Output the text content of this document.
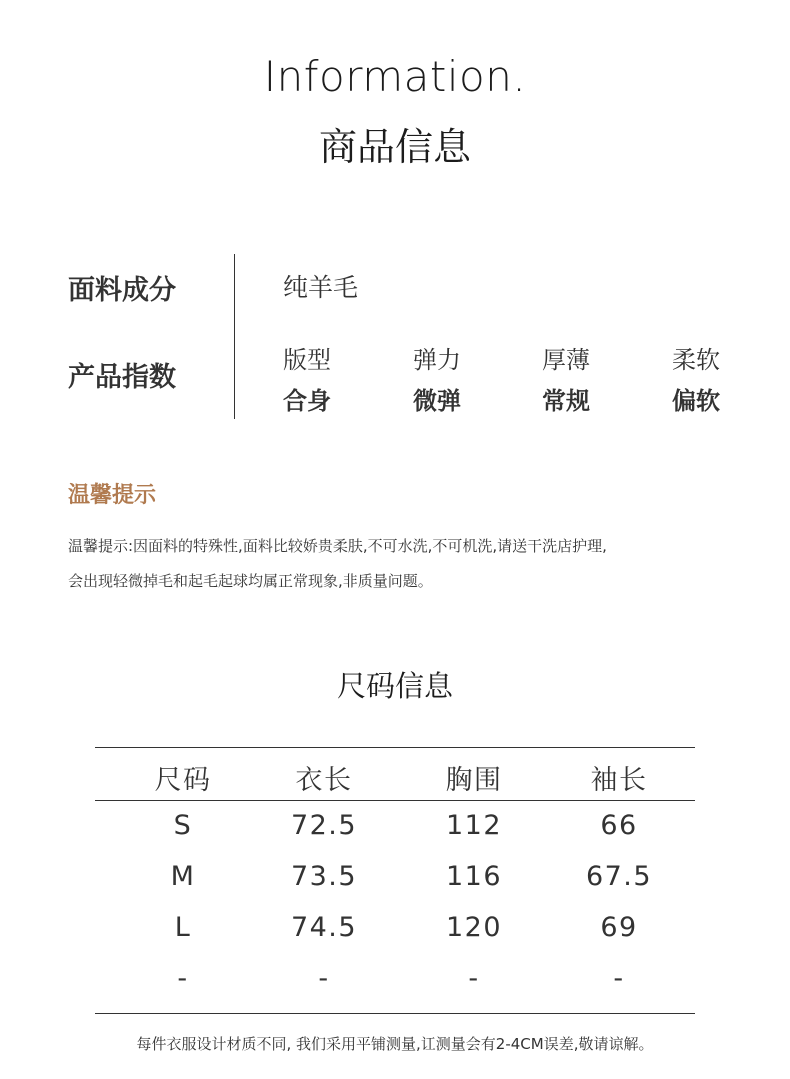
Information.
商品信息
面料成分
产品指数
纯羊毛
版型	弹力	厚薄	柔软
合身	微弹	常规	偏软
温馨提示
温馨提示:因面料的特殊性,面料比较娇贵柔肤,不可水洗,不可机洗,请送干洗店护理,
会出现轻微掉毛和起毛起球均属正常现象,非质量问题。
尺码信息
尺码	衣长	胸围	袖长
S	72.5	112	66
M	73.5	116	67.5
L	74.5	120	69
-	-	-	-
每件衣服设计材质不同, 我们采用平铺测量,讧测量会有2-4CM误差,敬请谅解。
